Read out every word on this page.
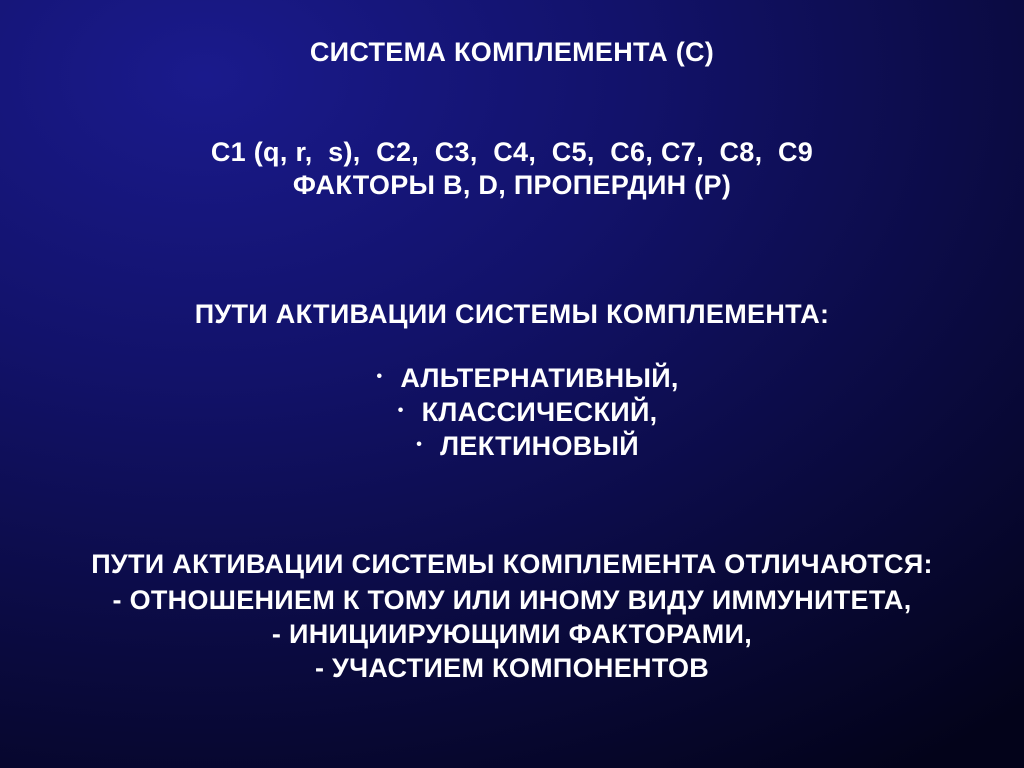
СИСТЕМА КОМПЛЕМЕНТА (С)
С1 (q, r,  s),  С2,  С3,  С4,  С5,  С6, С7,  С8,  С9
ФАКТОРЫ B, D, ПРОПЕРДИН (Р)
ПУТИ АКТИВАЦИИ СИСТЕМЫ КОМПЛЕМЕНТА:

• АЛЬТЕРНАТИВНЫЙ,

• КЛАССИЧЕСКИЙ,

• ЛЕКТИНОВЫЙ

ПУТИ АКТИВАЦИИ СИСТЕМЫ КОМПЛЕМЕНТА ОТЛИЧАЮТСЯ:
- ОТНОШЕНИЕМ К ТОМУ ИЛИ ИНОМУ ВИДУ ИММУНИТЕТА,
- ИНИЦИИРУЮЩИМИ ФАКТОРАМИ,
- УЧАСТИЕМ КОМПОНЕНТОВ
